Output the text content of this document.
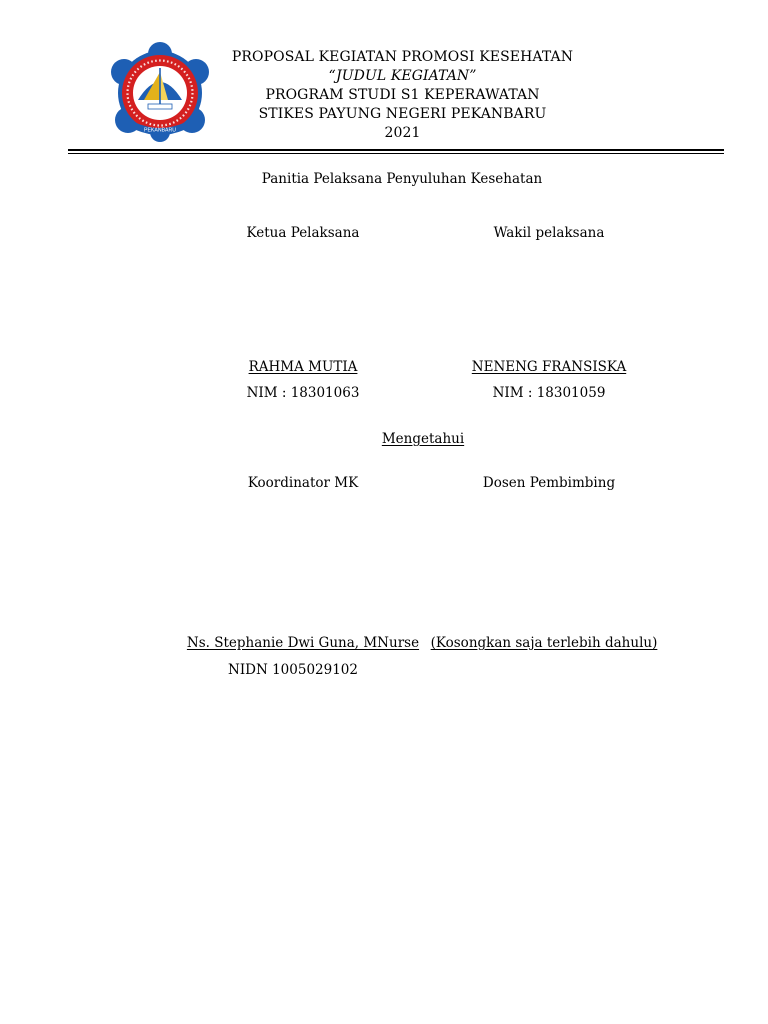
PEKANBARU
PROPOSAL KEGIATAN PROMOSI KESEHATAN
“JUDUL KEGIATAN”
PROGRAM STUDI S1 KEPERAWATAN
STIKES PAYUNG NEGERI PEKANBARU
2021
Panitia Pelaksana Penyuluhan Kesehatan
Ketua Pelaksana	Wakil pelaksana
RAHMA MUTIA	NENENG FRANSISKA
NIM : 18301063	NIM : 18301059
Mengetahui
Koordinator MK	Dosen Pembimbing
Ns. Stephanie Dwi Guna, MNurse (Kosongkan saja terlebih dahulu)
NIDN 1005029102
